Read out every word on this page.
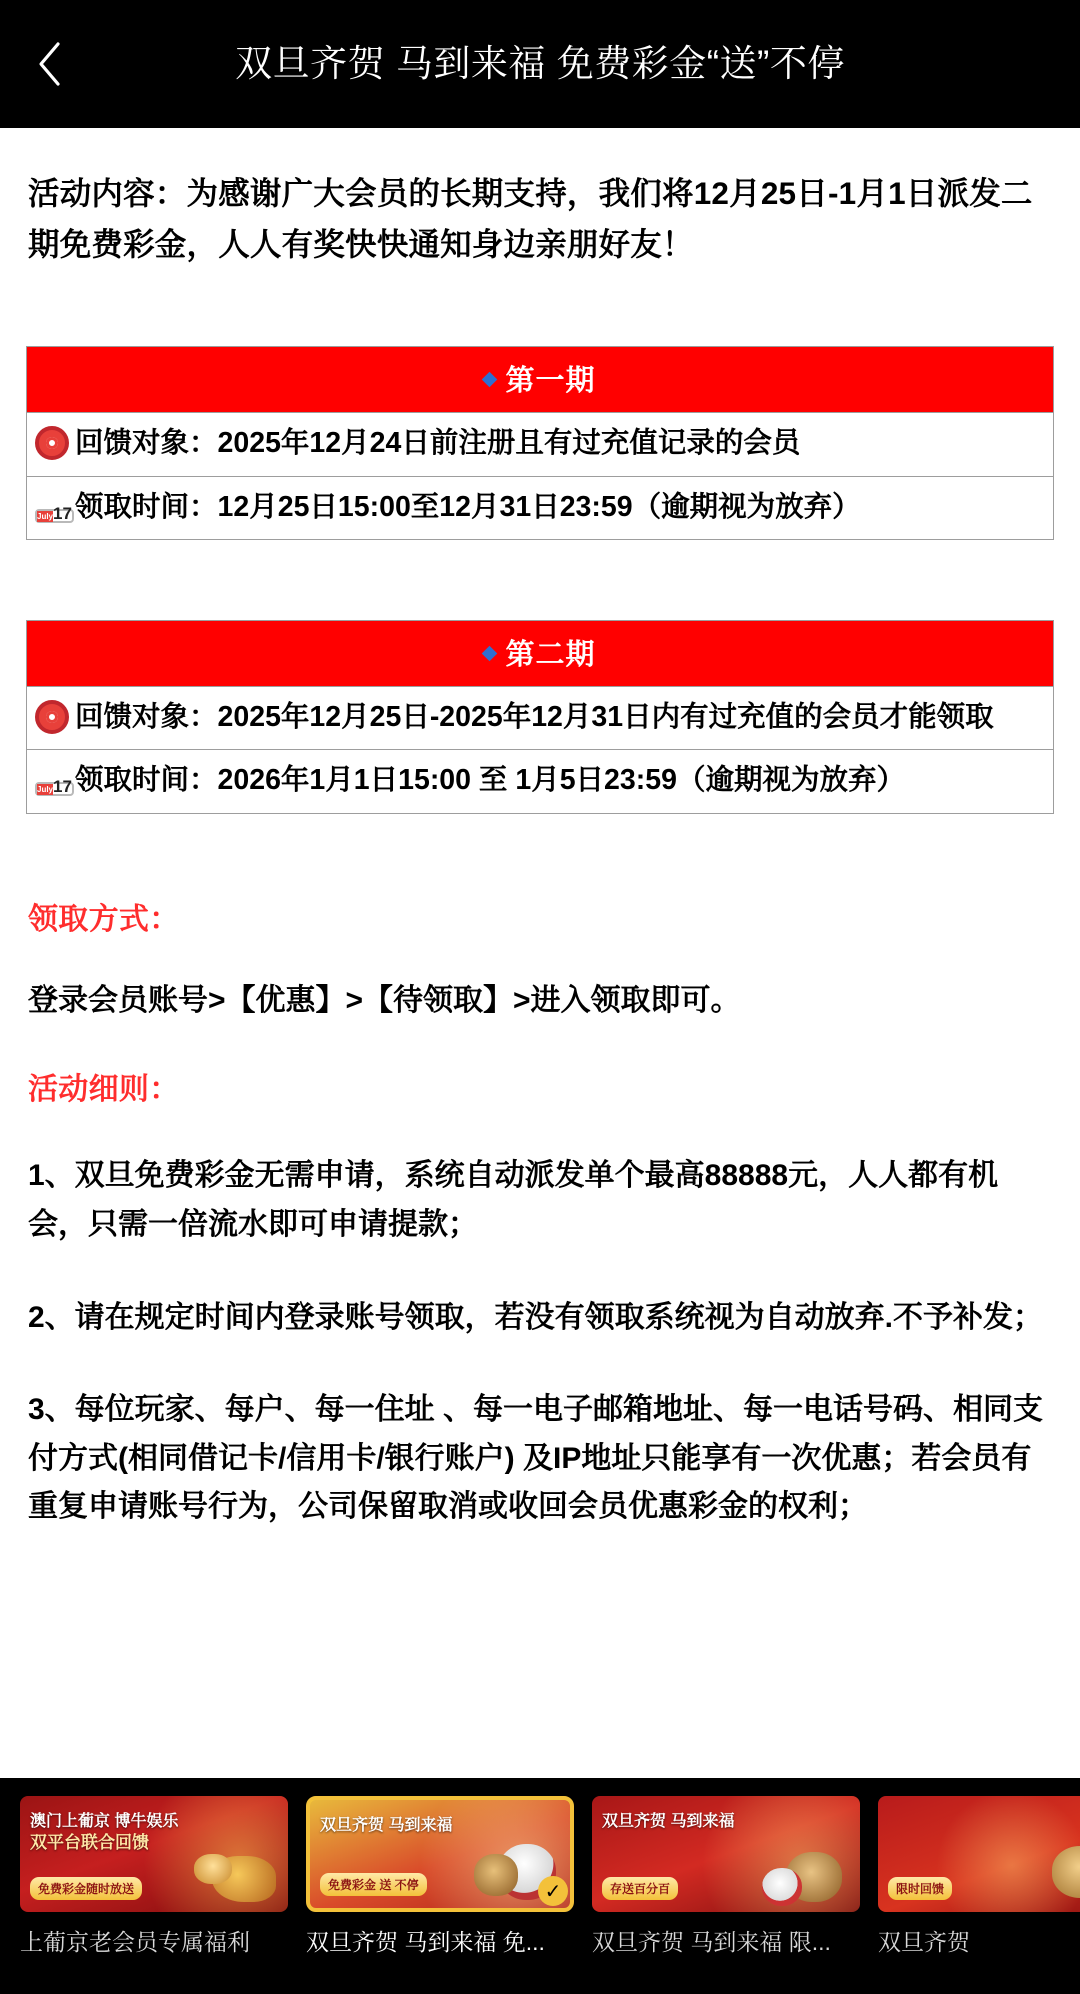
双旦齐贺 马到来福 免费彩金“送”不停
活动内容：为感谢广大会员的长期支持，我们将12月25日-1月1日派发二期免费彩金，人人有奖快快通知身边亲朋好友！
第一期
回馈对象：2025年12月24日前注册且有过充值记录的会员
July17 领取时间：12月25日15:00至12月31日23:59（逾期视为放弃）
第二期
回馈对象：2025年12月25日-2025年12月31日内有过充值的会员才能领取
July17 领取时间：2026年1月1日15:00 至 1月5日23:59（逾期视为放弃）
领取方式：
登录会员账号>【优惠】>【待领取】>进入领取即可。
活动细则：
1、双旦免费彩金无需申请，系统自动派发单个最高88888元，人人都有机会，只需一倍流水即可申请提款；
2、请在规定时间内登录账号领取，若没有领取系统视为自动放弃.不予补发；
3、每位玩家、每户、每一住址 、每一电子邮箱地址、每一电话号码、相同支付方式(相同借记卡/信用卡/银行账户) 及IP地址只能享有一次优惠；若会员有重复申请账号行为，公司保留取消或收回会员优惠彩金的权利；
澳门上葡京 博牛娱乐
双平台联合回馈
免费彩金随时放送
上葡京老会员专属福利
双旦齐贺 马到来福
免费彩金 送 不停	✓
双旦齐贺 马到来福 免...
双旦齐贺 马到来福
存送百分百
双旦齐贺 马到来福 限...
限时回馈
双旦齐贺
